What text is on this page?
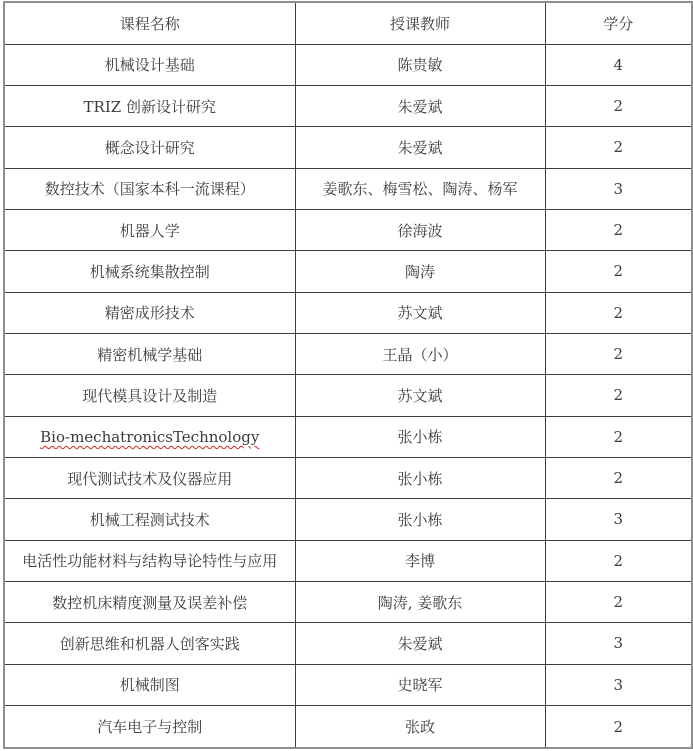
课程名称	授课教师	学分
机械设计基础	陈贵敏	4
TRIZ 创新设计研究	朱爱斌	2
概念设计研究	朱爱斌	2
数控技术（国家本科一流课程）	姜歌东、梅雪松、陶涛、杨军	3
机器人学	徐海波	2
机械系统集散控制	陶涛	2
精密成形技术	苏文斌	2
精密机械学基础	王晶（小）	2
现代模具设计及制造	苏文斌	2
Bio-mechatronicsTechnology	张小栋	2
现代测试技术及仪器应用	张小栋	2
机械工程测试技术	张小栋	3
电活性功能材料与结构导论特性与应用	李博	2
数控机床精度测量及误差补偿	陶涛, 姜歌东	2
创新思维和机器人创客实践	朱爱斌	3
机械制图	史晓军	3
汽车电子与控制	张政	2
